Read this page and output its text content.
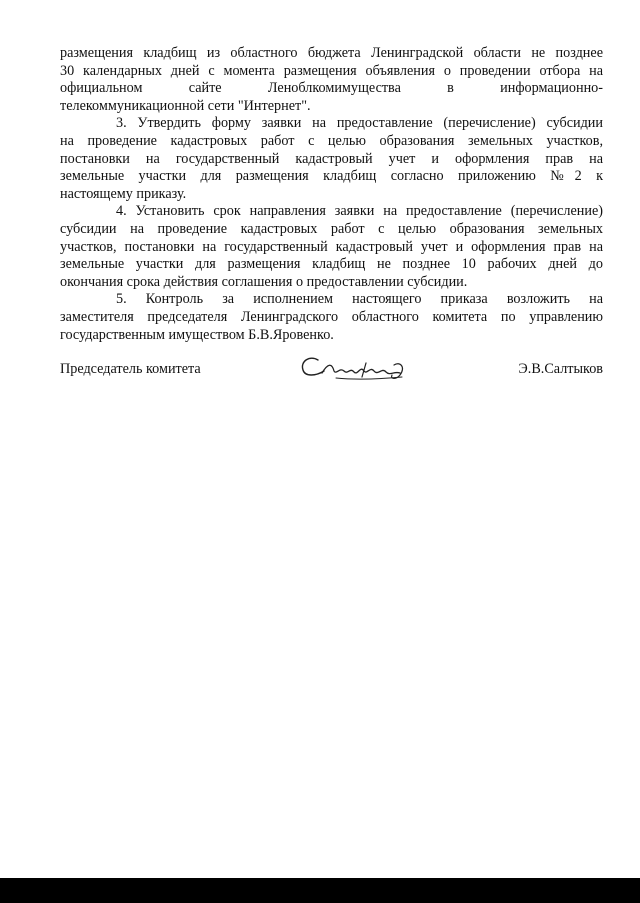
размещения кладбищ из областного бюджета Ленинградской области не позднее
30 календарных дней с момента размещения объявления о проведении отбора на
официальном сайте Леноблкомимущества в информационно-
телекоммуникационной сети "Интернет".

3. Утвердить форму заявки на предоставление (перечисление) субсидии
на проведение кадастровых работ с целью образования земельных участков,
постановки на государственный кадастровый учет и оформления прав на
земельные участки для размещения кладбищ согласно приложению №2 к
настоящему приказу.

4. Установить срок направления заявки на предоставление (перечисление)
субсидии на проведение кадастровых работ с целью образования земельных
участков, постановки на государственный кадастровый учет и оформления прав на
земельные участки для размещения кладбищ не позднее 10 рабочих дней до
окончания срока действия соглашения о предоставлении субсидии.

5. Контроль за исполнением настоящего приказа возложить на
заместителя председателя Ленинградского областного комитета по управлению
государственным имуществом Б.В.Яровенко.

Председатель комитета	Э.В.Салтыков
